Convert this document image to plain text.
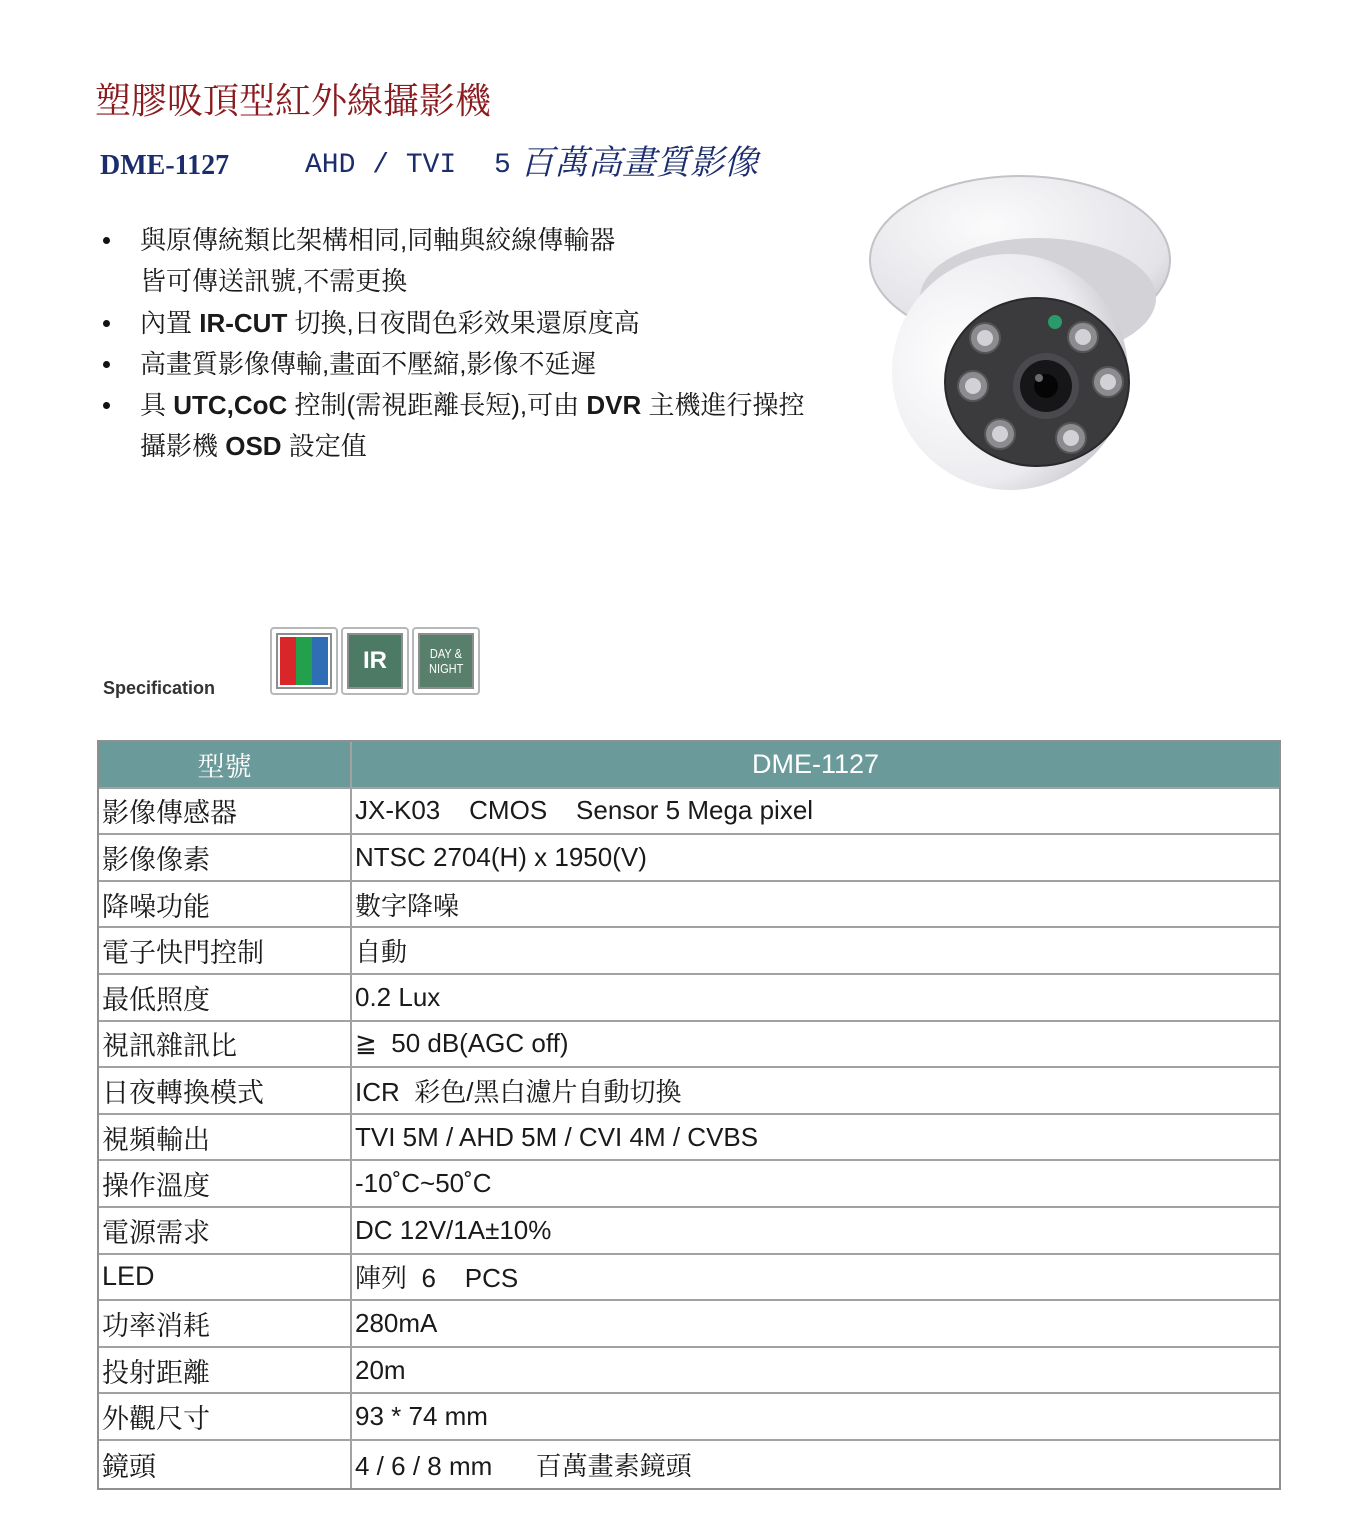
塑膠吸頂型紅外線攝影機
DME-1127	AHD / TVI 5 百萬高畫質影像
與原傳統類比架構相同,同軸與絞線傳輸器
皆可傳送訊號,不需更換
內置 IR-CUT 切換,日夜間色彩效果還原度高
高畫質影像傳輸,畫面不壓縮,影像不延遲
具 UTC,CoC 控制(需視距離長短),可由 DVR 主機進行操控
攝影機 OSD 設定值
Specification
IR	DAY &
NIGHT
型號	DME-1127
影像傳感器	JX-K03    CMOS    Sensor 5 Mega pixel
影像像素	NTSC 2704(H) x 1950(V)
降噪功能	數字降噪
電子快門控制	自動
最低照度	0.2 Lux
視訊雜訊比	≧  50 dB(AGC off)
日夜轉換模式	ICR  彩色/黑白濾片自動切換
視頻輸出	TVI 5M / AHD 5M / CVI 4M / CVBS
操作溫度	-10˚C~50˚C
電源需求	DC 12V/1A±10%
LED	陣列  6    PCS
功率消耗	280mA
投射距離	20m
外觀尺寸	93 * 74 mm
鏡頭	4 / 6 / 8 mm      百萬畫素鏡頭
